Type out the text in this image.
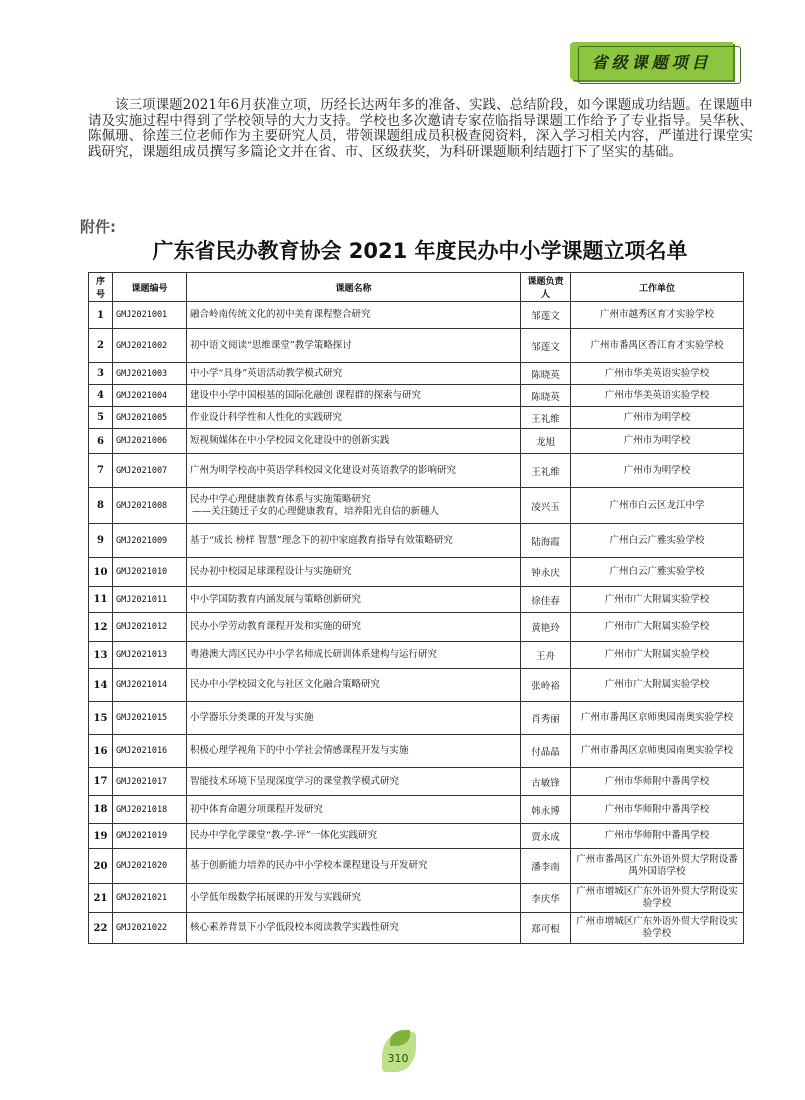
省级课题项目

该三项课题2021年6月获准立项，历经长达两年多的准备、实践、总结阶段，如今课题成功结题。在课题申请及实施过程中得到了学校领导的大力支持。学校也多次邀请专家莅临指导课题工作给予了专业指导。吴华秋、陈佩珊、徐莲三位老师作为主要研究人员，带领课题组成员积极查阅资料，深入学习相关内容，严谨进行课堂实践研究，课题组成员撰写多篇论文并在省、市、区级获奖，为科研课题顺利结题打下了坚实的基础。

附件:
广东省民办教育协会 2021 年度民办中小学课题立项名单
序号	课题编号	课题名称	课题负责人	工作单位
1	GMJ2021001	融合岭南传统文化的初中美育课程整合研究	邹莲文	广州市越秀区育才实验学校
2	GMJ2021002	初中语文阅读“思维课堂”教学策略探讨	邹莲文	广州市番禺区香江育才实验学校
3	GMJ2021003	中小学“具身”英语活动教学模式研究	陈晓英	广州市华美英语实验学校
4	GMJ2021004	建设中小学中国根基的国际化融创 课程群的探索与研究	陈晓英	广州市华美英语实验学校
5	GMJ2021005	作业设计科学性和人性化的实践研究	王礼维	广州市为明学校
6	GMJ2021006	短视频媒体在中小学校园文化建设中的创新实践	龙旭	广州市为明学校
7	GMJ2021007	广州为明学校高中英语学科校园文化建设对英语教学的影响研究	王礼维	广州市为明学校
8	GMJ2021008	民办中学心理健康教育体系与实施策略研究
——关注随迁子女的心理健康教育，培养阳光自信的新穗人	凌兴玉	广州市白云区龙江中学
9	GMJ2021009	基于“成长 榜样 智慧”理念下的初中家庭教育指导有效策略研究	陆海霞	广州白云广雅实验学校
10	GMJ2021010	民办初中校园足球课程设计与实施研究	钟永庆	广州白云广雅实验学校
11	GMJ2021011	中小学国防教育内涵发展与策略创新研究	徐佳春	广州市广大附属实验学校
12	GMJ2021012	民办小学劳动教育课程开发和实施的研究	黄艳玲	广州市广大附属实验学校
13	GMJ2021013	粤港澳大湾区民办中小学名师成长研训体系建构与运行研究	王舟	广州市广大附属实验学校
14	GMJ2021014	民办中小学校园文化与社区文化融合策略研究	张岭裕	广州市广大附属实验学校
15	GMJ2021015	小学器乐分类课的开发与实施	肖秀丽	广州市番禺区京师奥园南奥实验学校
16	GMJ2021016	积极心理学视角下的中小学社会情感课程开发与实施	付晶晶	广州市番禺区京师奥园南奥实验学校
17	GMJ2021017	智能技术环境下呈现深度学习的课堂教学模式研究	古敏锋	广州市华师附中番禺学校
18	GMJ2021018	初中体育命题分项课程开发研究	韩永博	广州市华师附中番禺学校
19	GMJ2021019	民办中学化学课堂“教-学-评”一体化实践研究	贾永成	广州市华师附中番禺学校
20	GMJ2021020	基于创新能力培养的民办中小学校本课程建设与开发研究	潘李南	广州市番禺区广东外语外贸大学附设番禺外国语学校
21	GMJ2021021	小学低年级数学拓展课的开发与实践研究	李庆华	广州市增城区广东外语外贸大学附设实验学校
22	GMJ2021022	核心素养背景下小学低段校本阅读教学实践性研究	郑可根	广州市增城区广东外语外贸大学附设实验学校
310
